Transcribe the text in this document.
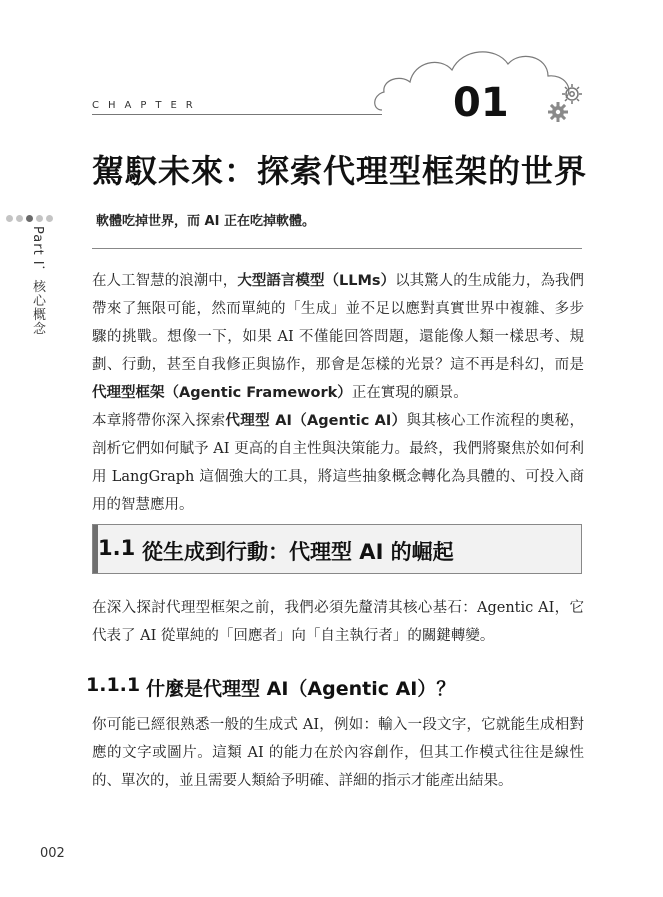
CHAPTER	01
駕馭未來：探索代理型框架的世界
Part I．核心概念
軟體吃掉世界，而 AI 正在吃掉軟體。

在人工智慧的浪潮中，大型語言模型（LLMs）以其驚人的生成能力，為我們帶來了無限可能，然而單純的「生成」並不足以應對真實世界中複雜、多步驟的挑戰。想像一下，如果 AI 不僅能回答問題，還能像人類一樣思考、規劃、行動，甚至自我修正與協作，那會是怎樣的光景？這不再是科幻，而是代理型框架（Agentic Framework）正在實現的願景。

本章將帶你深入探索代理型 AI（Agentic AI）與其核心工作流程的奧秘，剖析它們如何賦予 AI 更高的自主性與決策能力。最終，我們將聚焦於如何利用 LangGraph 這個強大的工具，將這些抽象概念轉化為具體的、可投入商用的智慧應用。

1.1 從生成到行動：代理型 AI 的崛起

在深入探討代理型框架之前，我們必須先釐清其核心基石：Agentic AI，它代表了 AI 從單純的「回應者」向「自主執行者」的關鍵轉變。

1.1.1 什麼是代理型 AI（Agentic AI）？

你可能已經很熟悉一般的生成式 AI，例如：輸入一段文字，它就能生成相對應的文字或圖片。這類 AI 的能力在於內容創作，但其工作模式往往是線性的、單次的，並且需要人類給予明確、詳細的指示才能產出結果。

002
